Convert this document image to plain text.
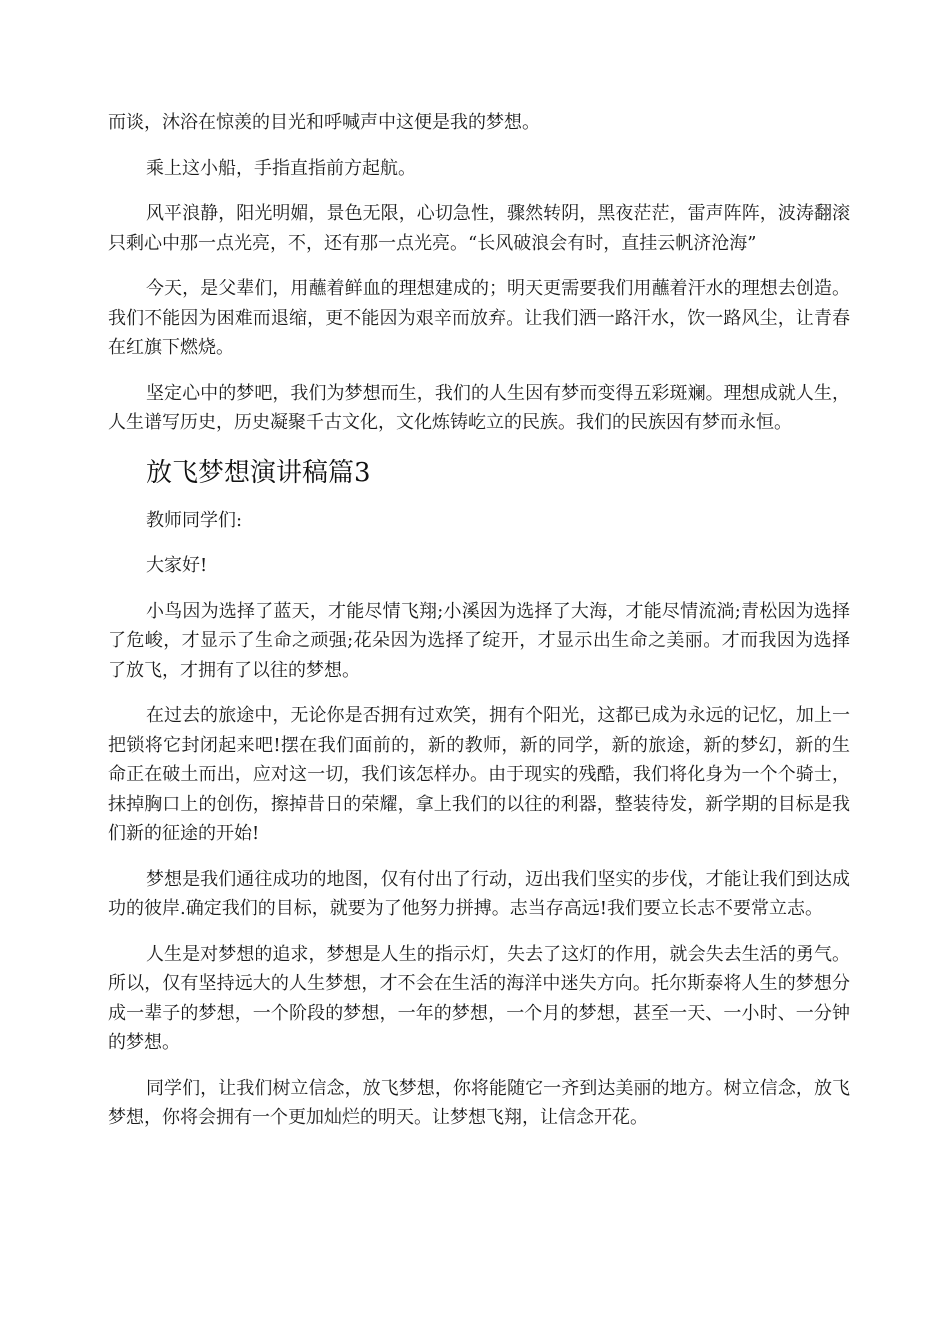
而谈，沐浴在惊羡的目光和呼喊声中这便是我的梦想。

乘上这小船，手指直指前方起航。

风平浪静，阳光明媚，景色无限，心切急性，骤然转阴，黑夜茫茫，雷声阵阵，波涛翻滚只剩心中那一点光亮，不，还有那一点光亮。“长风破浪会有时，直挂云帆济沧海”

今天，是父辈们，用蘸着鲜血的理想建成的；明天更需要我们用蘸着汗水的理想去创造。我们不能因为困难而退缩，更不能因为艰辛而放弃。让我们洒一路汗水，饮一路风尘，让青春在红旗下燃烧。

坚定心中的梦吧，我们为梦想而生，我们的人生因有梦而变得五彩斑斓。理想成就人生，人生谱写历史，历史凝聚千古文化，文化炼铸屹立的民族。我们的民族因有梦而永恒。

放飞梦想演讲稿篇3

教师同学们:

大家好!

小鸟因为选择了蓝天，才能尽情飞翔;小溪因为选择了大海，才能尽情流淌;青松因为选择了危峻，才显示了生命之顽强;花朵因为选择了绽开，才显示出生命之美丽。才而我因为选择了放飞，才拥有了以往的梦想。

在过去的旅途中，无论你是否拥有过欢笑，拥有个阳光，这都已成为永远的记忆，加上一把锁将它封闭起来吧!摆在我们面前的，新的教师，新的同学，新的旅途，新的梦幻，新的生命正在破土而出，应对这一切，我们该怎样办。由于现实的残酷，我们将化身为一个个骑士，抹掉胸口上的创伤，擦掉昔日的荣耀，拿上我们的以往的利器，整装待发，新学期的目标是我们新的征途的开始!

梦想是我们通往成功的地图，仅有付出了行动，迈出我们坚实的步伐，才能让我们到达成功的彼岸.确定我们的目标，就要为了他努力拼搏。志当存高远!我们要立长志不要常立志。

人生是对梦想的追求，梦想是人生的指示灯，失去了这灯的作用，就会失去生活的勇气。所以，仅有坚持远大的人生梦想，才不会在生活的海洋中迷失方向。托尔斯泰将人生的梦想分成一辈子的梦想，一个阶段的梦想，一年的梦想，一个月的梦想，甚至一天、一小时、一分钟的梦想。

同学们，让我们树立信念，放飞梦想，你将能随它一齐到达美丽的地方。树立信念，放飞梦想，你将会拥有一个更加灿烂的明天。让梦想飞翔，让信念开花。
